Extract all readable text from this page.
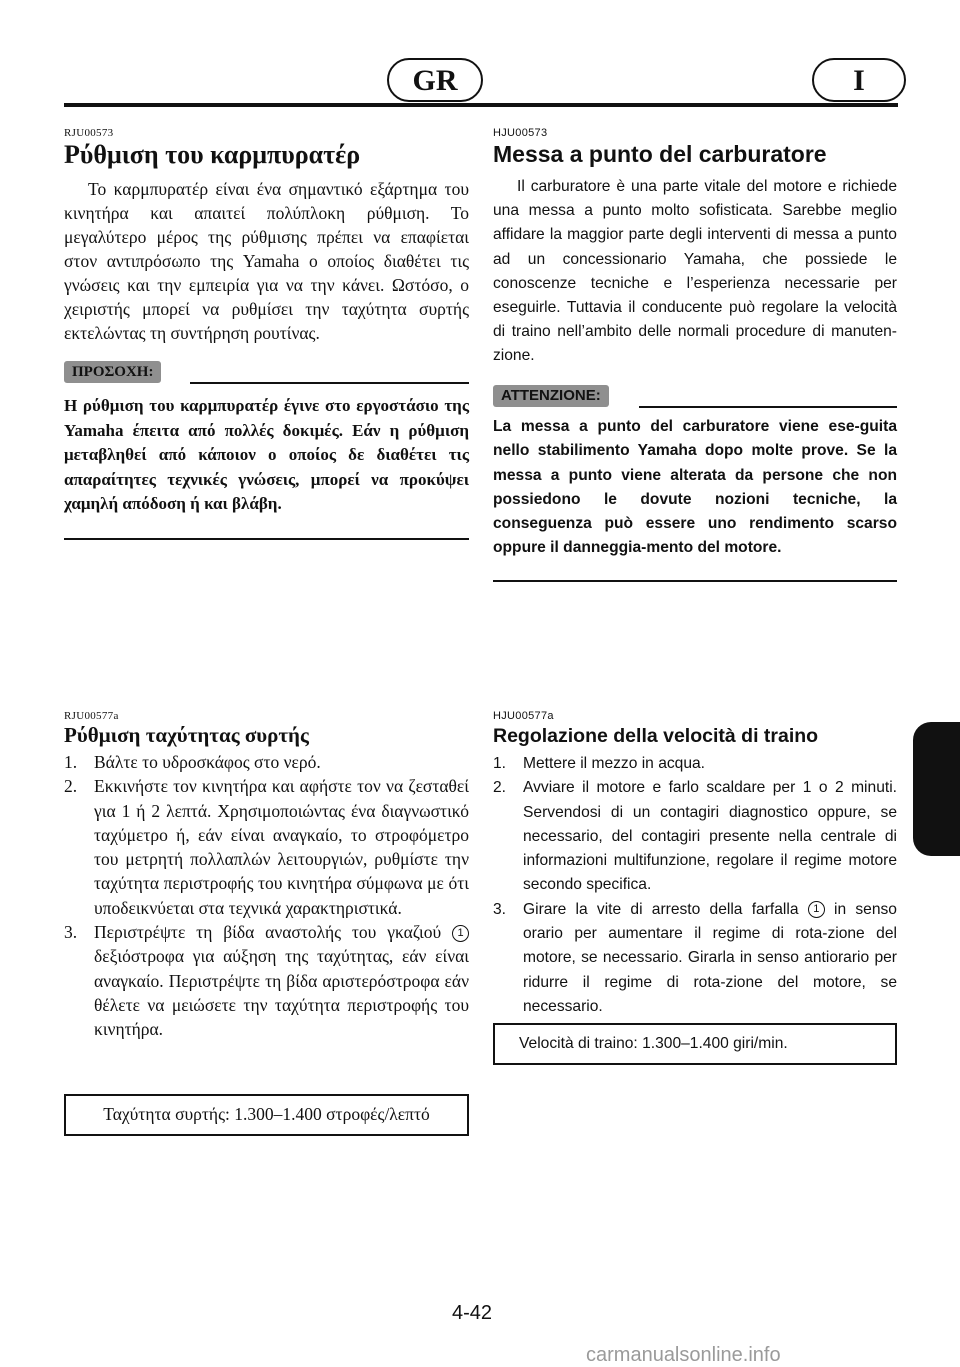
GR	I
RJU00573
Ρύθμιση του καρμπυρατέρ
Το καρμπυρατέρ είναι ένα σημαντικό εξάρτημα του κινητήρα και απαιτεί πολύπλοκη ρύθμιση. Το μεγαλύτερο μέρος της ρύθμισης πρέπει να επαφίεται στον αντιπρόσωπο της Yamaha ο οποίος διαθέτει τις γνώσεις και την εμπειρία για να την κάνει. Ωστόσο, ο χειριστής μπορεί να ρυθμίσει την ταχύτητα συρτής εκτελώντας τη συντήρηση ρουτίνας.
ΠΡΟΣΟΧΗ:
Η ρύθμιση του καρμπυρατέρ έγινε στο εργοστάσιο της Yamaha έπειτα από πολλές δοκιμές. Εάν η ρύθμιση μεταβληθεί από κάποιον ο οποίος δε διαθέτει τις απαραίτητες τεχνικές γνώσεις, μπορεί να προκύψει χαμηλή απόδοση ή και βλάβη.
RJU00577a
Ρύθμιση ταχύτητας συρτής
1. Βάλτε το υδροσκάφος στο νερό.
2. Εκκινήστε τον κινητήρα και αφήστε τον να ζεσταθεί για 1 ή 2 λεπτά. Χρησιμοποιώντας ένα διαγνωστικό ταχύμετρο ή, εάν είναι αναγκαίο, το στροφόμετρο του μετρητή πολλαπλών λειτουργιών, ρυθμίστε την ταχύτητα περιστροφής του κινητήρα σύμφωνα με ότι υποδεικνύεται στα τεχνικά χαρακτηριστικά.
3. Περιστρέψτε τη βίδα αναστολής του γκαζιού 1 δεξιόστροφα για αύξηση της ταχύτητας, εάν είναι αναγκαίο. Περιστρέψτε τη βίδα αριστερόστροφα εάν θέλετε να μειώσετε την ταχύτητα περιστροφής του κινητήρα.
Ταχύτητα συρτής: 1.300–1.400 στροφές/λεπτό
HJU00573
Messa a punto del carburatore
Il carburatore è una parte vitale del motore e richiede una messa a punto molto sofisticata. Sarebbe meglio affidare la maggior parte degli interventi di messa a punto ad un concessionario Yamaha, che possiede le conoscenze tecniche e l’esperienza necessarie per eseguirle. Tuttavia il conducente può regolare la velocità di traino nell’ambito delle normali procedure di manuten-zione.
ATTENZIONE:
La messa a punto del carburatore viene ese-guita nello stabilimento Yamaha dopo molte prove. Se la messa a punto viene alterata da persone che non possiedono le dovute nozioni tecniche, la conseguenza può essere uno rendimento scarso oppure il danneggia-mento del motore.
HJU00577a
Regolazione della velocità di traino
1. Mettere il mezzo in acqua.
2. Avviare il motore e farlo scaldare per 1 o 2 minuti. Servendosi di un contagiri diagnostico oppure, se necessario, del contagiri presente nella centrale di informazioni multifunzione, regolare il regime motore secondo specifica.
3. Girare la vite di arresto della farfalla 1 in senso orario per aumentare il regime di rota-zione del motore, se necessario. Girarla in senso antiorario per ridurre il regime di rota-zione del motore, se necessario.
Velocità di traino: 1.300–1.400 giri/min.
4-42
carmanualsonline.info
